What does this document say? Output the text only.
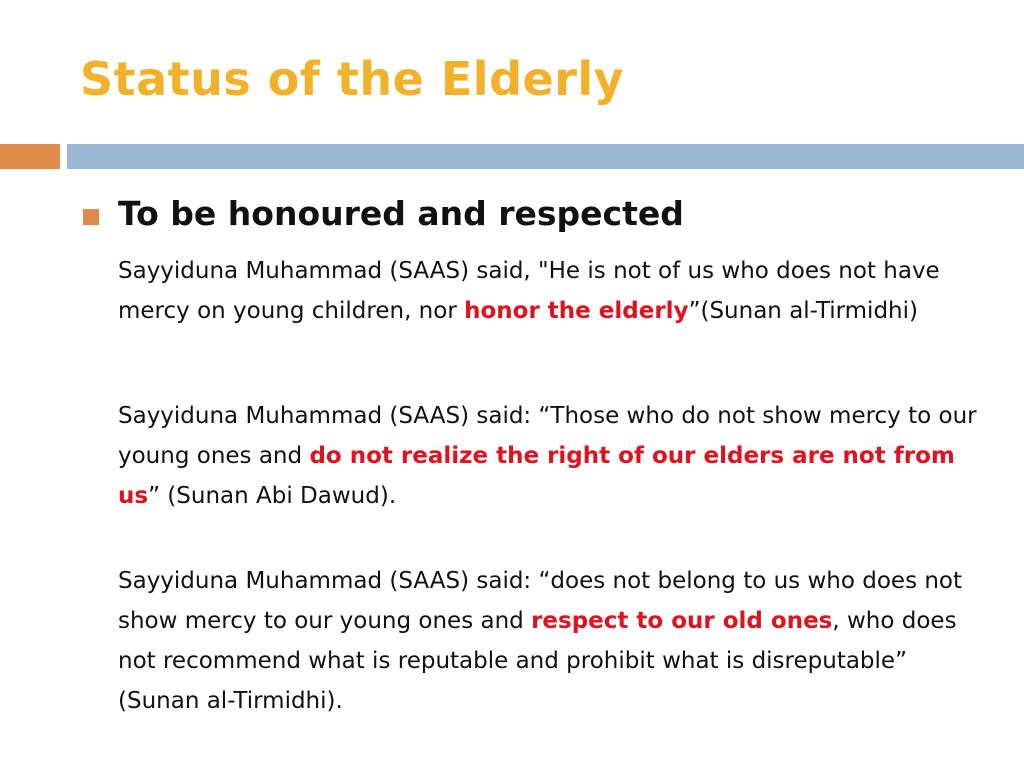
Status of the Elderly
To be honoured and respected
Sayyiduna Muhammad (SAAS) said, "He is not of us who does not have mercy on young children, nor honor the elderly”(Sunan al-Tirmidhi)
Sayyiduna Muhammad (SAAS) said: “Those who do not show mercy to our young ones and do not realize the right of our elders are not from us” (Sunan Abi Dawud).
Sayyiduna Muhammad (SAAS) said: “does not belong to us who does not show mercy to our young ones and respect to our old ones, who does not recommend what is reputable and prohibit what is disreputable” (Sunan al-Tirmidhi).
